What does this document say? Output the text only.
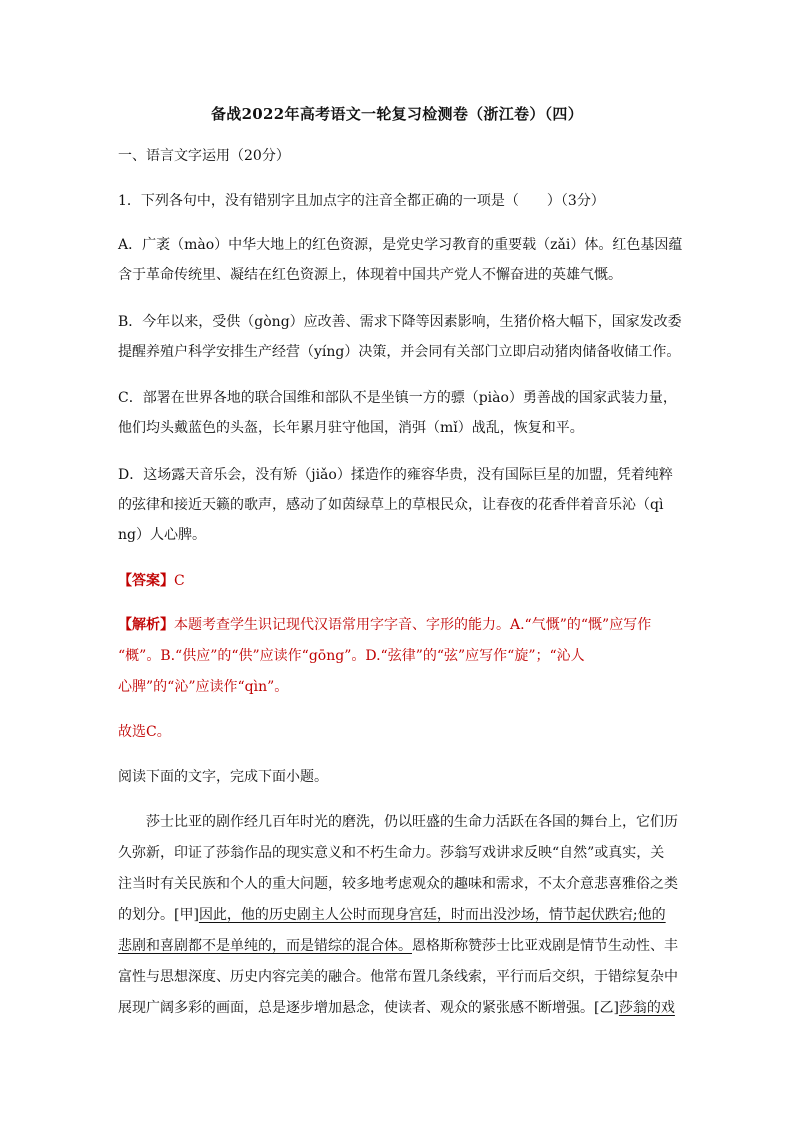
备战2022年高考语文一轮复习检测卷（浙江卷）（四）
一、语言文字运用（20分）
1．下列各句中，没有错别字且加点字的注音全都正确的一项是（　　）（3分）
A．广袤（mào）中华大地上的红色资源，是党史学习教育的重要载（zǎi）体。红色基因蕴
含于革命传统里、凝结在红色资源上，体现着中国共产党人不懈奋进的英雄气慨。
B．今年以来，受供（gòng）应改善、需求下降等因素影响，生猪价格大幅下，国家发改委
提醒养殖户科学安排生产经营（yíng）决策，并会同有关部门立即启动猪肉储备收储工作。
C．部署在世界各地的联合国维和部队不是坐镇一方的骠（piào）勇善战的国家武装力量，
他们均头戴蓝色的头盔，长年累月驻守他国，消弭（mǐ）战乱，恢复和平。
D．这场露天音乐会，没有矫（jiǎo）揉造作的雍容华贵，没有国际巨星的加盟，凭着纯粹
的弦律和接近天籁的歌声，感动了如茵绿草上的草根民众，让春夜的花香伴着音乐沁（qì
ng）人心脾。
【答案】C
【解析】本题考查学生识记现代汉语常用字字音、字形的能力。A.“气慨”的“慨”应写作
“概”。B.“供应”的“供”应读作“gōng”。D.“弦律”的“弦”应写作“旋”；“沁人
心脾”的“沁”应读作“qìn”。
故选C。
阅读下面的文字，完成下面小题。
莎士比亚的剧作经几百年时光的磨洗，仍以旺盛的生命力活跃在各国的舞台上，它们历
久弥新，印证了莎翁作品的现实意义和不朽生命力。莎翁写戏讲求反映“自然”或真实，关
注当时有关民族和个人的重大问题，较多地考虑观众的趣味和需求，不太介意悲喜雅俗之类
的划分。[甲]因此，他的历史剧主人公时而现身宫廷，时而出没沙场，情节起伏跌宕;他的
悲剧和喜剧都不是单纯的，而是错综的混合体。恩格斯称赞莎士比亚戏剧是情节生动性、丰
富性与思想深度、历史内容完美的融合。他常布置几条线索，平行而后交织，于错综复杂中
展现广阔多彩的画面，总是逐步增加悬念，使读者、观众的紧张感不断增强。[乙]莎翁的戏
